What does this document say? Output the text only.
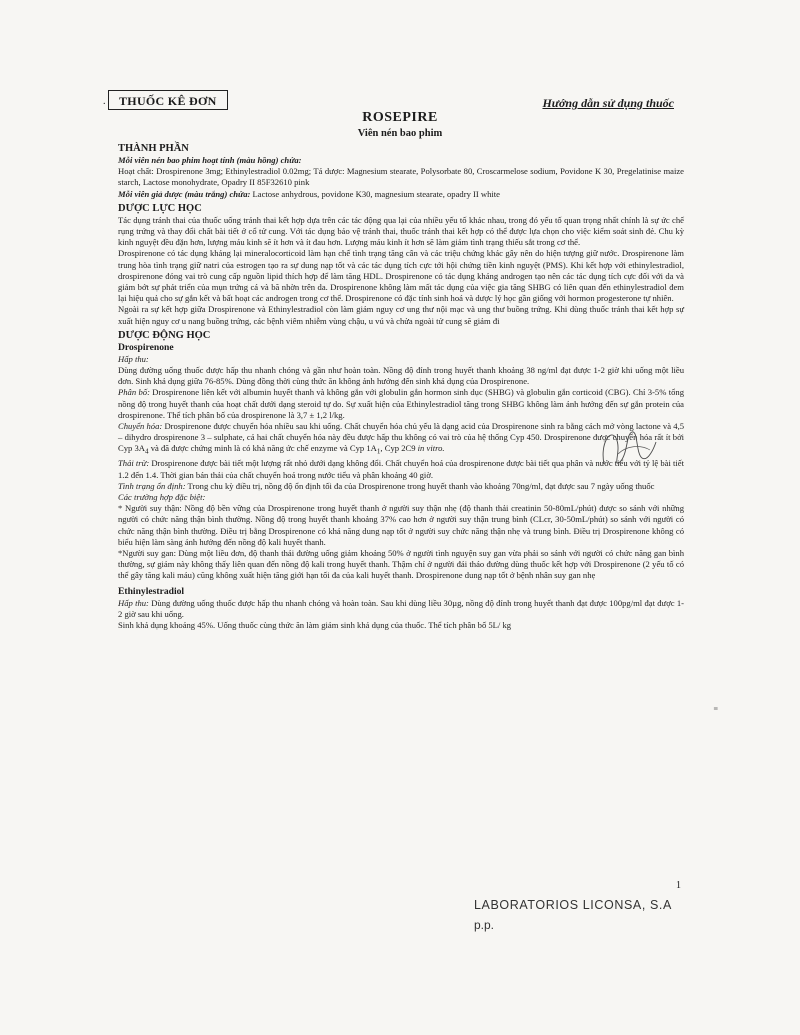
.	THUỐC KÊ ĐƠN	Hướng dẫn sử dụng thuốc
ROSEPIRE
Viên nén bao phim

THÀNH PHẦN

Mỗi viên nén bao phim hoạt tính (màu hồng) chứa:

Hoạt chất: Drospirenone 3mg; Ethinylestradiol 0.02mg; Tá dược: Magnesium stearate, Polysorbate 80, Croscarmelose sodium, Povidone K 30, Pregelatinise maize starch, Lactose monohydrate, Opadry II 85F32610 pink

Mỗi viên giả dược (màu trắng) chứa: Lactose anhydrous, povidone K30, magnesium stearate, opadry II white

DƯỢC LỰC HỌC

Tác dụng tránh thai của thuốc uống tránh thai kết hợp dựa trên các tác động qua lại của nhiều yếu tố khác nhau, trong đó yếu tố quan trọng nhất chính là sự ức chế rụng trứng và thay đổi chất bài tiết ở cổ tử cung. Với tác dụng bảo vệ tránh thai, thuốc tránh thai kết hợp có thể được lựa chọn cho việc kiểm soát sinh đẻ. Chu kỳ kinh nguyệt đều đặn hơn, lượng máu kinh sẽ ít hơn và ít đau hơn. Lượng máu kinh ít hơn sẽ làm giảm tình trạng thiếu sắt trong cơ thể.

Drospirenone có tác dụng kháng lại mineralocorticoid làm hạn chế tình trạng tăng cân và các triệu chứng khác gây nên do hiện tượng giữ nước. Drospirenone làm trung hòa tình trạng giữ natri của estrogen tạo ra sự dung nạp tốt và các tác dụng tích cực tới hội chứng tiền kinh nguyệt (PMS). Khi kết hợp với ethinylestradiol, drospirenone đóng vai trò cung cấp nguồn lipid thích hợp để làm tăng HDL. Drospirenone có tác dụng kháng androgen tạo nên các tác dụng tích cực đối với da và giảm bớt sự phát triển của mụn trứng cá và bã nhờn trên da. Drospirenone không làm mất tác dụng của việc gia tăng SHBG có liên quan đến ethinylestradiol đem lại hiệu quả cho sự gắn kết và bất hoạt các androgen trong cơ thể. Drospirenone có đặc tính sinh hoá và dược lý học gần giống với hormon progesterone tự nhiên.

Ngoài ra sự kết hợp giữa Drospirenone và Ethinylestradiol còn làm giảm nguy cơ ung thư nội mạc và ung thư buồng trứng. Khi dùng thuốc tránh thai kết hợp sự xuất hiện nguy cơ u nang buồng trứng, các bệnh viêm nhiễm vùng chậu, u vú và chửa ngoài tử cung sẽ giảm đi

DƯỢC ĐỘNG HỌC

Drospirenone

Hấp thu:

Dùng đường uống thuốc được hấp thu nhanh chóng và gần như hoàn toàn. Nồng độ đỉnh trong huyết thanh khoảng 38 ng/ml đạt được 1-2 giờ khi uống một liều đơn. Sinh khả dụng giữa 76-85%. Dùng đồng thời cùng thức ăn không ảnh hưởng đến sinh khả dụng của Drospirenone.

Phân bố: Drospirenone liên kết với albumin huyết thanh và không gắn với globulin gắn hormon sinh dục (SHBG) và globulin gắn corticoid (CBG). Chỉ 3-5% tổng nồng độ trong huyết thanh của hoạt chất dưới dạng steroid tự do. Sự xuất hiện của Ethinylestradiol tăng trong SHBG không làm ảnh hưởng đến sự gắn protein của drospirenone. Thể tích phân bố của drospirenone là 3,7 ± 1,2 l/kg.

Chuyển hóa: Drospirenone được chuyển hóa nhiều sau khi uống. Chất chuyển hóa chủ yếu là dạng acid của Drospirenone sinh ra bằng cách mở vòng lactone và 4,5 – dihydro drospirenone 3 – sulphate, cả hai chất chuyển hóa này đều được hấp thu không có vai trò của hệ thống Cyp 450. Drospirenone được chuyển hóa rất ít bởi Cyp $3A_4$ và đã được chứng minh là có khả năng ức chế enzyme và Cyp $1A_1$, Cyp 2C9 in vitro.

Thải trừ: Drospirenone được bài tiết một lượng rất nhỏ dưới dạng không đổi. Chất chuyển hoá của drospirenone được bài tiết qua phân và nước tiểu với tỷ lệ bài tiết 1.2 đến 1.4. Thời gian bán thải của chất chuyển hoá trong nước tiểu và phân khoảng 40 giờ.

Tình trạng ổn định: Trong chu kỳ điều trị, nồng độ ổn định tối đa của Drospirenone trong huyết thanh vào khoảng 70ng/ml, đạt được sau 7 ngày uống thuốc

Các trường hợp đặc biệt:

* Người suy thận: Nồng độ bền vững của Drospirenone trong huyết thanh ở người suy thận nhẹ (độ thanh thải creatinin 50-80mL/phút) được so sánh với những người có chức năng thận bình thường. Nồng độ trong huyết thanh khoảng 37% cao hơn ở người suy thận trung bình (CLcr, 30-50mL/phút) so sánh với người có chức năng thận bình thường. Điều trị bằng Drospirenone có khả năng dung nạp tốt ở người suy chức năng thận nhẹ và trung bình. Điều trị Drospirenone không có biểu hiện làm sàng ảnh hưởng đến nồng độ kali huyết thanh.

*Người suy gan: Dùng một liều đơn, độ thanh thải đường uống giảm khoảng 50% ở người tình nguyện suy gan vừa phải so sánh với người có chức năng gan bình thường, sự giảm này không thấy liên quan đến nồng độ kali trong huyết thanh. Thậm chí ở người đái tháo đường dùng thuốc kết hợp với Drospirenone (2 yếu tố có thể gây tăng kali máu) cũng không xuất hiện tăng giới hạn tối đa của kali huyết thanh. Drospirenone dung nạp tốt ở bệnh nhân suy gan nhẹ

Ethinylestradiol

Hấp thu: Dùng đường uống thuốc được hấp thu nhanh chóng và hoàn toàn. Sau khi dùng liều 30µg, nồng độ đỉnh trong huyết thanh đạt được 100pg/ml đạt được 1-2 giờ sau khi uống.

Sinh khả dụng khoảng 45%. Uống thuốc cùng thức ăn làm giảm sinh khả dụng của thuốc. Thể tích phân bố 5L/ kg

≡
1
LABORATORIOS LICONSA, S.A
p.p.
